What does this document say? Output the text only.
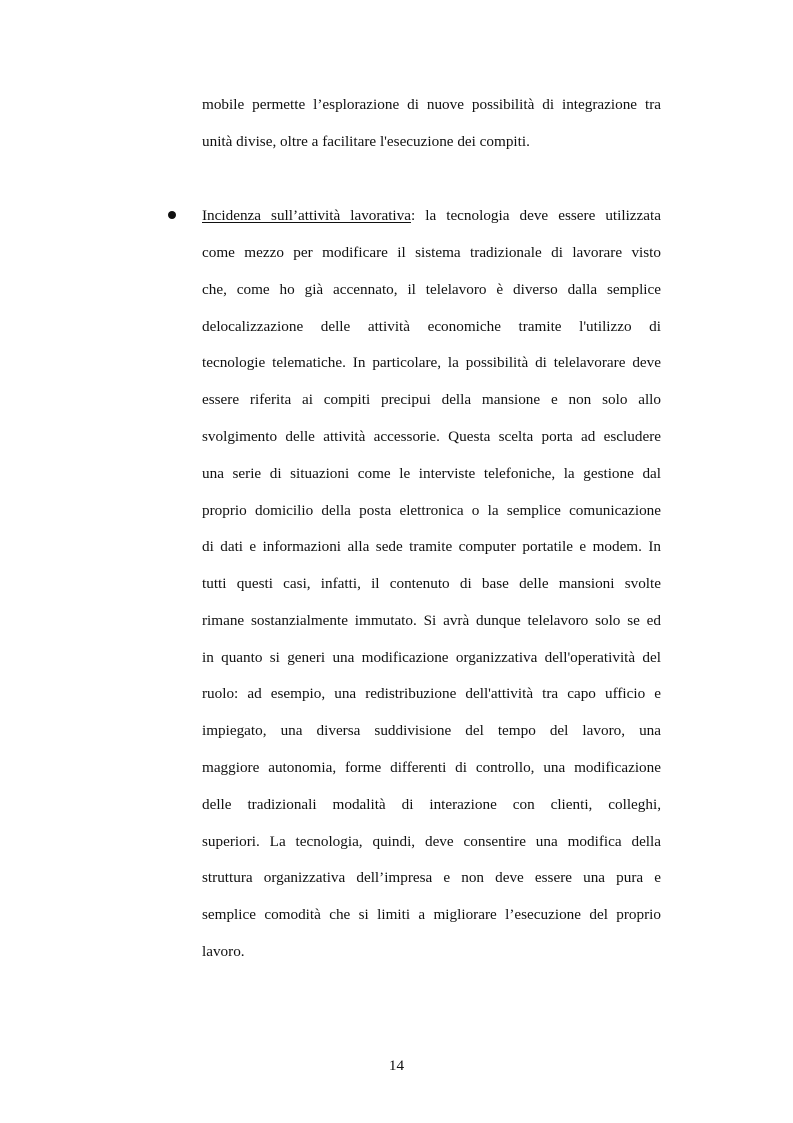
mobile permette l’esplorazione di nuove possibilità di integrazione tra
unità divise, oltre a facilitare l'esecuzione dei compiti.
Incidenza sull’attività lavorativa: la tecnologia deve essere utilizzata
come mezzo per modificare il sistema tradizionale di lavorare visto
che, come ho già accennato, il telelavoro è diverso dalla semplice
delocalizzazione delle attività economiche tramite l'utilizzo di
tecnologie telematiche. In particolare, la possibilità di telelavorare deve
essere riferita ai compiti precipui della mansione e non solo allo
svolgimento delle attività accessorie. Questa scelta porta ad escludere
una serie di situazioni come le interviste telefoniche, la gestione dal
proprio domicilio della posta elettronica o la semplice comunicazione
di dati e informazioni alla sede tramite computer portatile e modem. In
tutti questi casi, infatti, il contenuto di base delle mansioni svolte
rimane sostanzialmente immutato. Si avrà dunque telelavoro solo se ed
in quanto si generi una modificazione organizzativa dell'operatività del
ruolo: ad esempio, una redistribuzione dell'attività tra capo ufficio e
impiegato, una diversa suddivisione del tempo del lavoro, una
maggiore autonomia, forme differenti di controllo, una modificazione
delle tradizionali modalità di interazione con clienti, colleghi,
superiori. La tecnologia, quindi, deve consentire una modifica della
struttura organizzativa dell’impresa e non deve essere una pura e
semplice comodità che si limiti a migliorare l’esecuzione del proprio
lavoro.
14
